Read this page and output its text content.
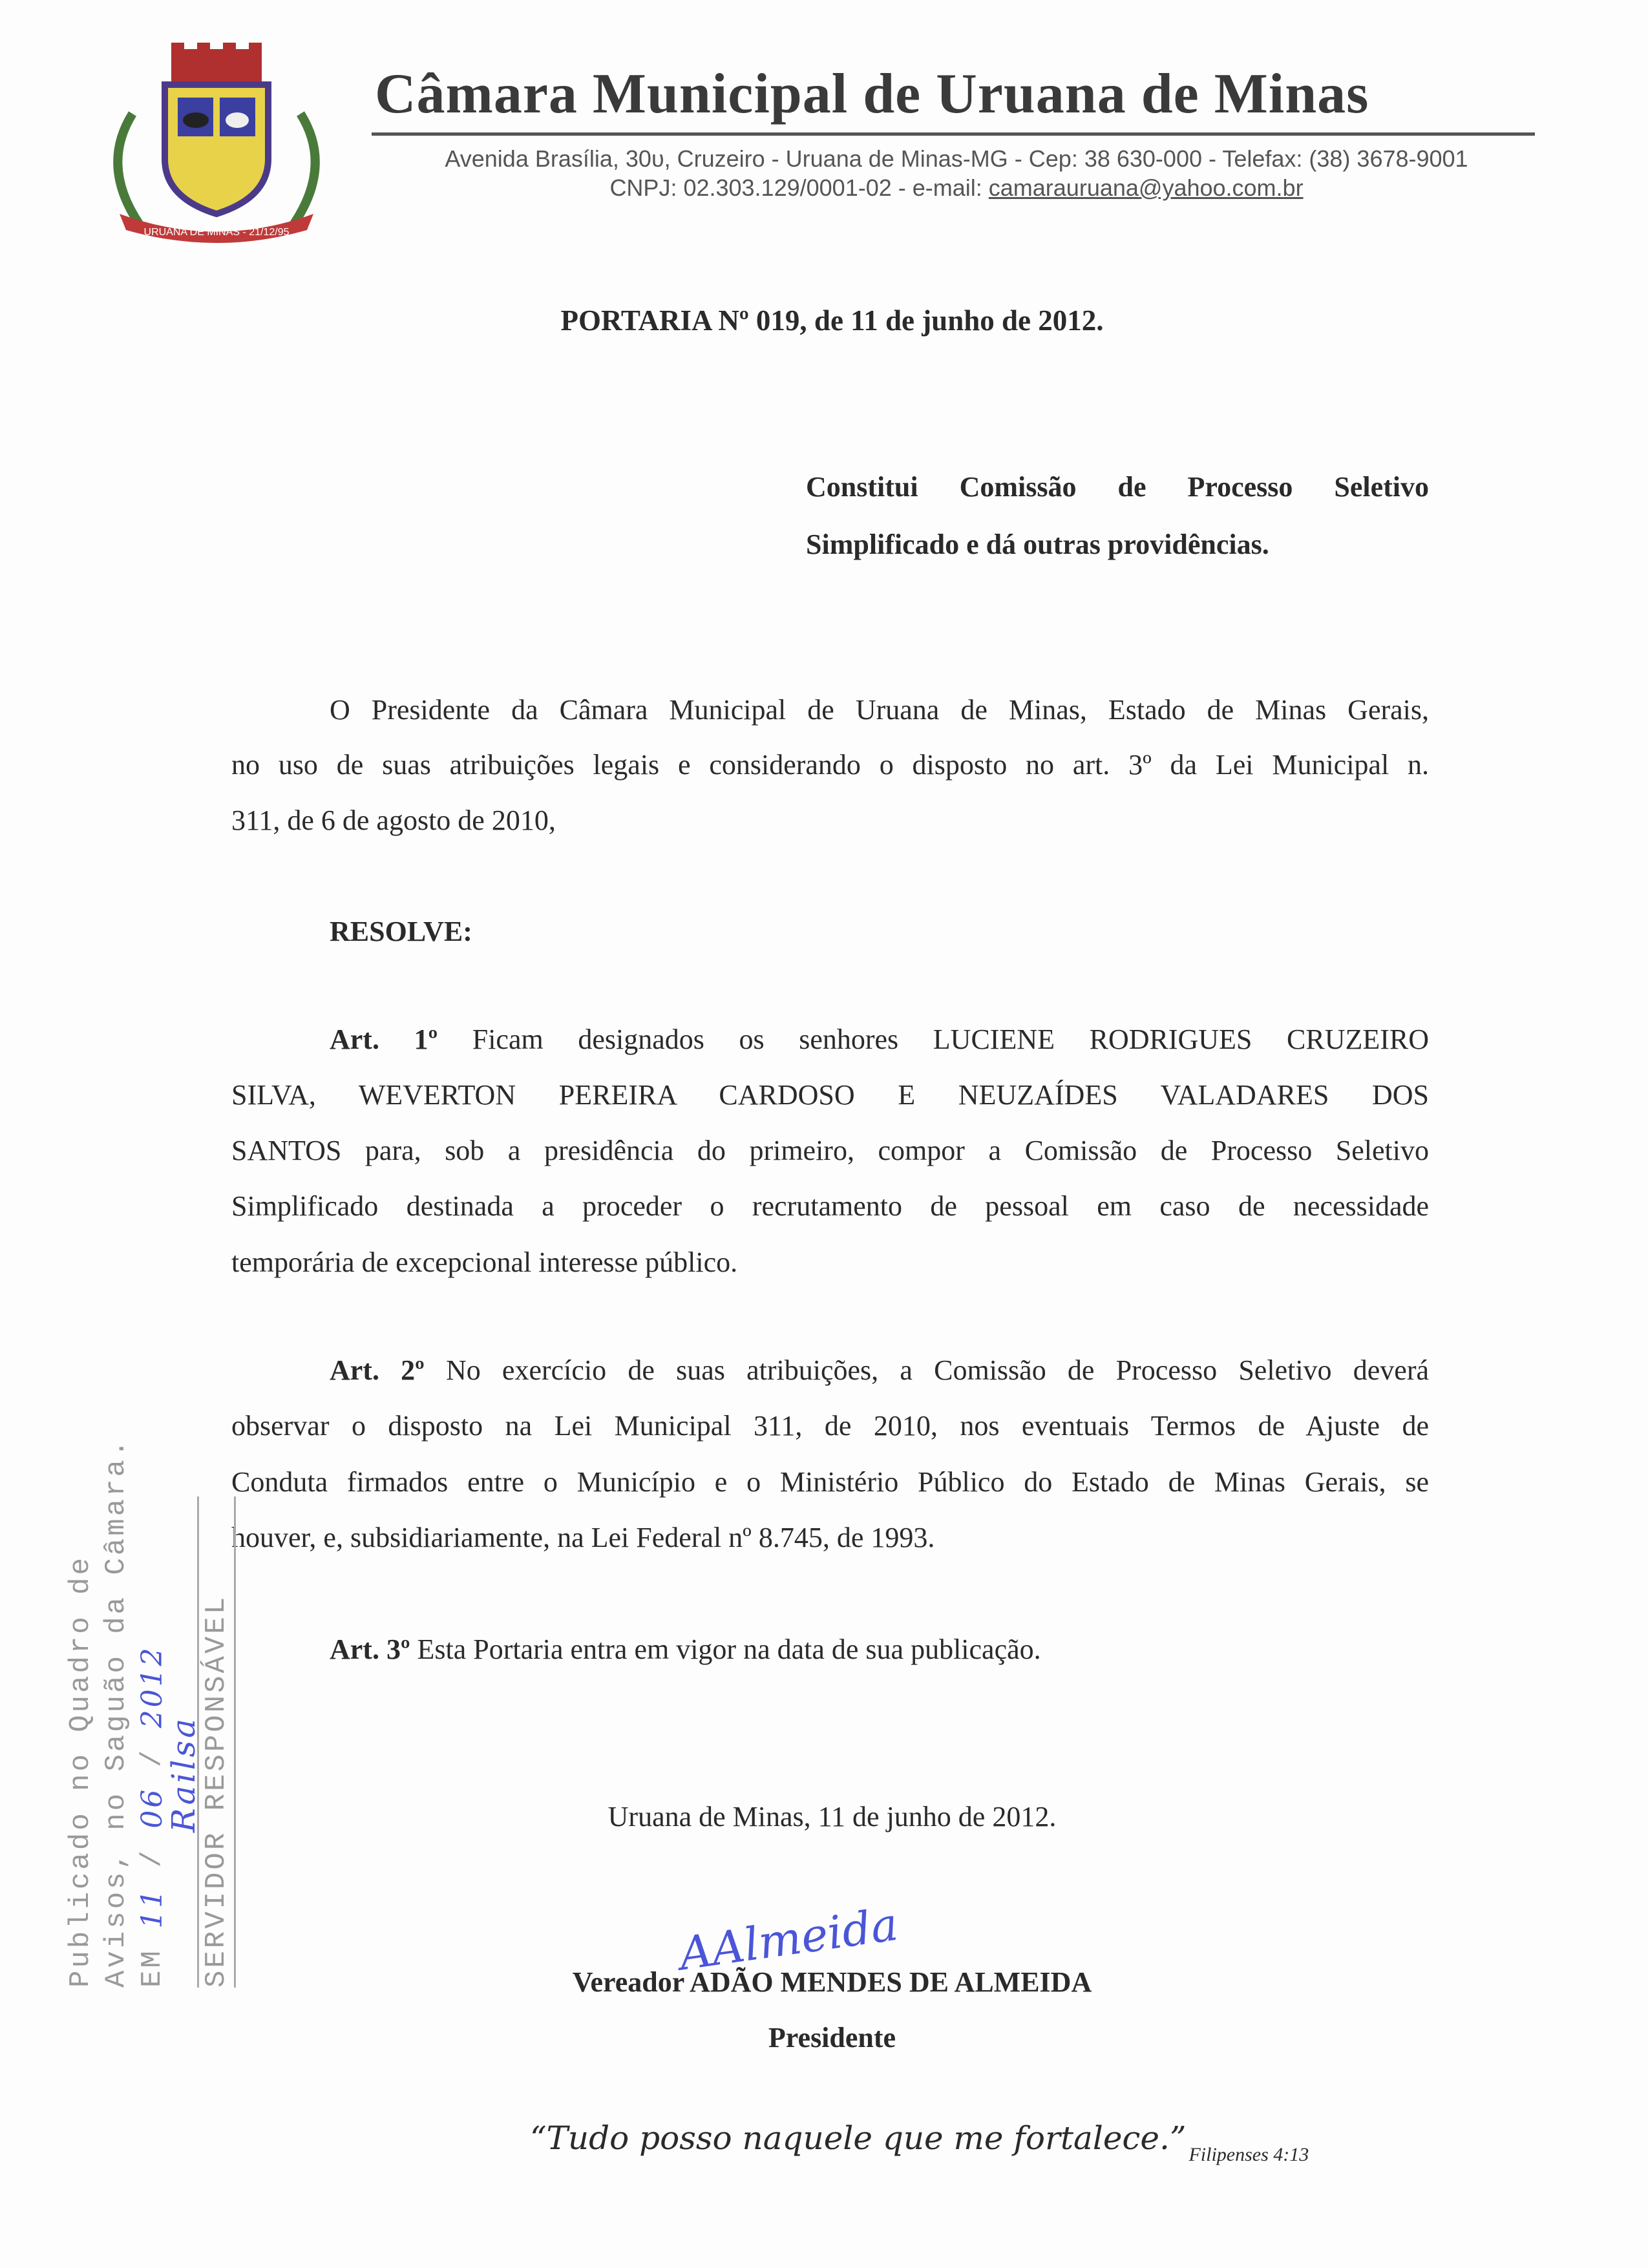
URUANA DE MINAS - 21/12/95
Câmara Municipal de Uruana de Minas
Avenida Brasília, 30υ, Cruzeiro - Uruana de Minas-MG - Cep: 38 630-000 - Telefax: (38) 3678-9001
CNPJ: 02.303.129/0001-02 - e-mail: camarauruana@yahoo.com.br
PORTARIA Nº 019, de 11 de junho de 2012.
Constitui Comissão de Processo Seletivo
Simplificado e dá outras providências.
O Presidente da Câmara Municipal de Uruana de Minas, Estado de Minas Gerais,
no uso de suas atribuições legais e considerando o disposto no art. 3º da Lei Municipal n.
311, de 6 de agosto de 2010,
RESOLVE:
Art. 1º Ficam designados os senhores LUCIENE RODRIGUES CRUZEIRO
SILVA, WEVERTON PEREIRA CARDOSO E NEUZAÍDES VALADARES DOS
SANTOS para, sob a presidência do primeiro, compor a Comissão de Processo Seletivo
Simplificado destinada a proceder o recrutamento de pessoal em caso de necessidade
temporária de excepcional interesse público.
Art. 2º No exercício de suas atribuições, a Comissão de Processo Seletivo deverá
observar o disposto na Lei Municipal 311, de 2010, nos eventuais Termos de Ajuste de
Conduta firmados entre o Município e o Ministério Público do Estado de Minas Gerais, se
houver, e, subsidiariamente, na Lei Federal nº 8.745, de 1993.
Art. 3º Esta Portaria entra em vigor na data de sua publicação.
Uruana de Minas, 11 de junho de 2012.
AAlmeida
Vereador ADÃO MENDES DE ALMEIDA
Presidente
“Tudo posso naquele que me fortalece.” Filipenses 4:13
Publicado no Quadro de Avisos, no Saguão da Câmara. EM 11 / 06 / 2012
Railsa
SERVIDOR RESPONSÁVEL
